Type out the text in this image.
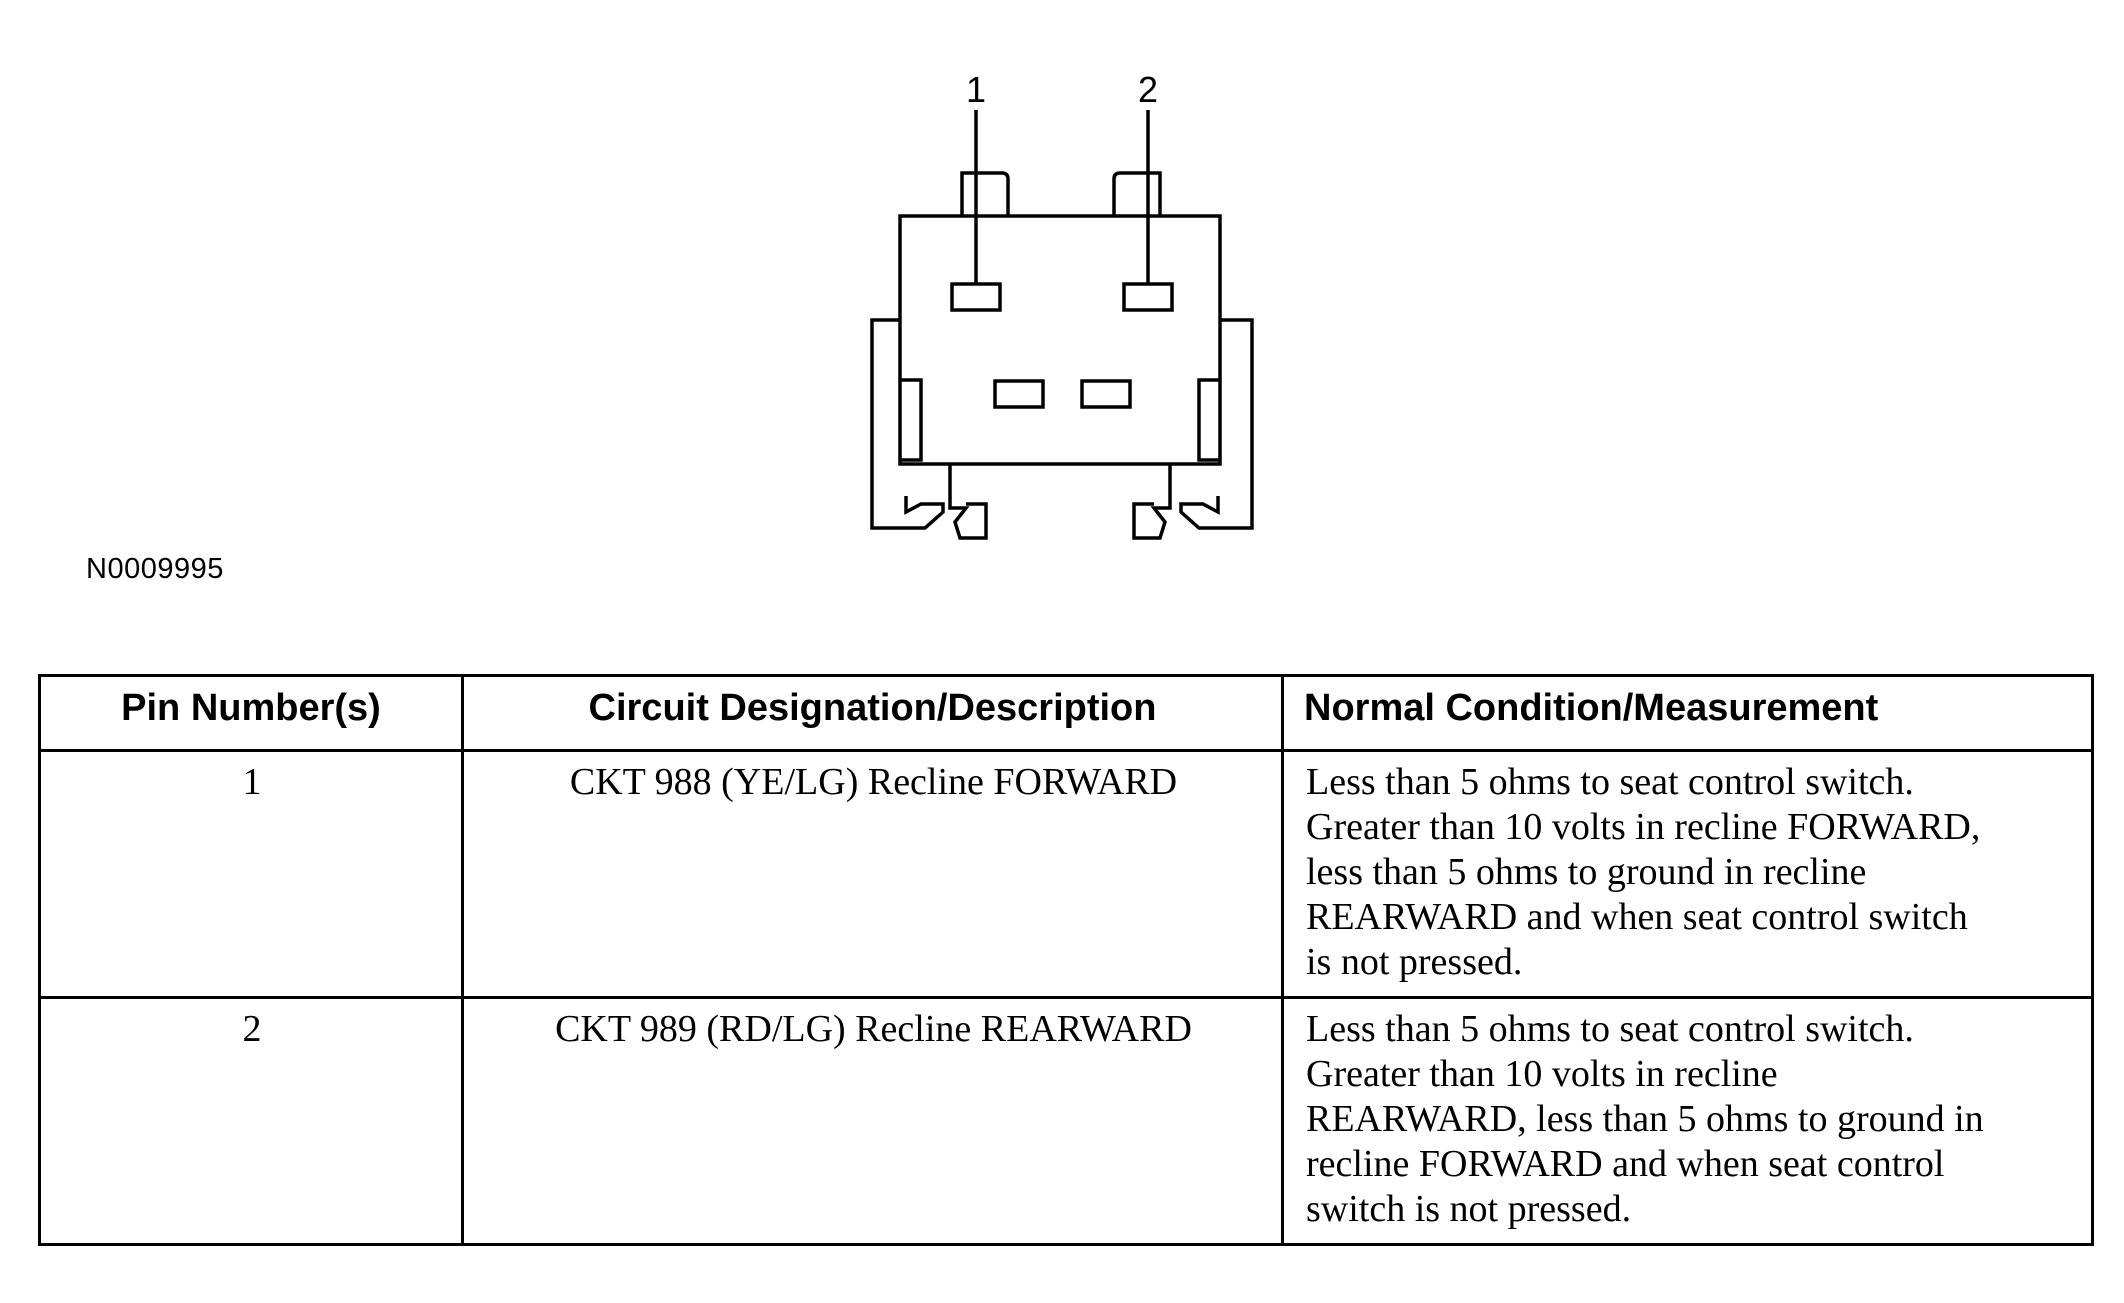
1	2
N0009995
Pin Number(s)	Circuit Designation/Description	Normal Condition/Measurement
1	CKT 988 (YE/LG) Recline FORWARD	Less than 5 ohms to seat control switch.
Greater than 10 volts in recline FORWARD,
less than 5 ohms to ground in recline
REARWARD and when seat control switch
is not pressed.

2	CKT 989 (RD/LG) Recline REARWARD	Less than 5 ohms to seat control switch.
Greater than 10 volts in recline
REARWARD, less than 5 ohms to ground in
recline FORWARD and when seat control
switch is not pressed.
